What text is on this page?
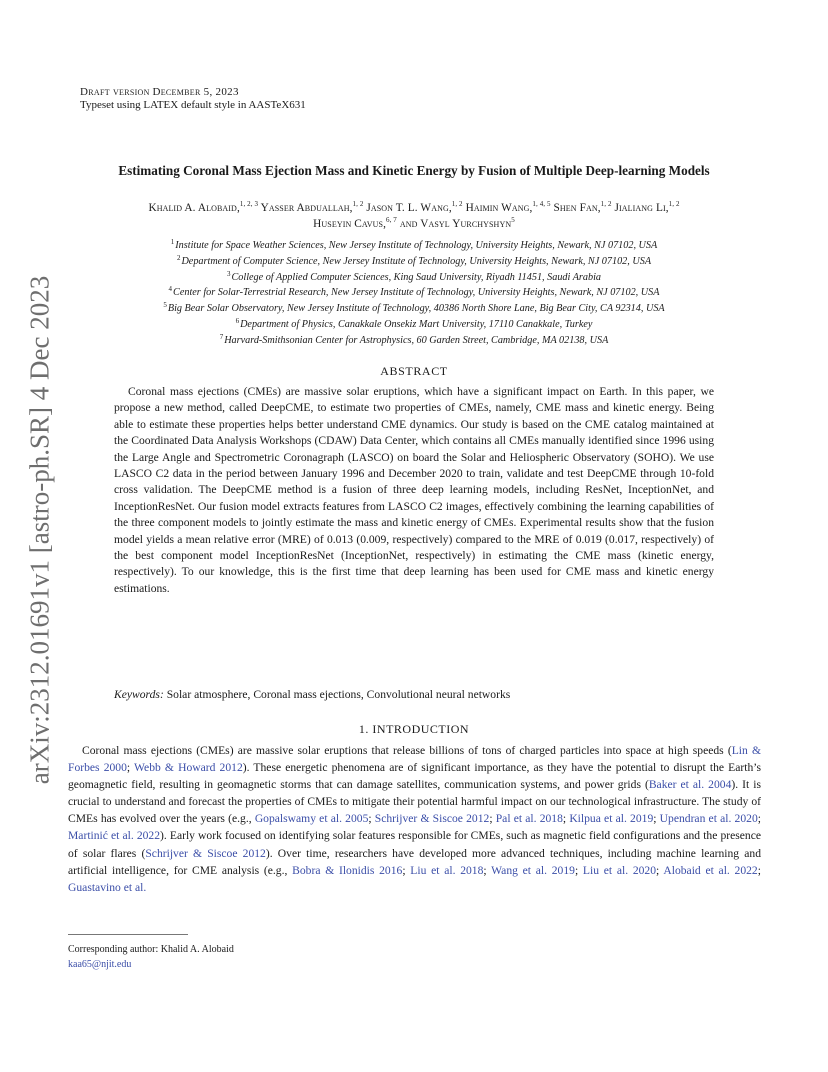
Draft version December 5, 2023
Typeset using LATEX default style in AASTeX631
arXiv:2312.01691v1 [astro-ph.SR] 4 Dec 2023
Estimating Coronal Mass Ejection Mass and Kinetic Energy by Fusion of Multiple Deep-learning Models
Khalid A. Alobaid,$^{1, 2, 3}$ Yasser Abduallah,$^{1, 2}$ Jason T. L. Wang,$^{1, 2}$ Haimin Wang,$^{1, 4, 5}$ Shen Fan,$^{1, 2}$ Jialiang Li,$^{1, 2}$
Huseyin Cavus,$^{6, 7}$ and Vasyl Yurchyshyn$^5$
$^1$Institute for Space Weather Sciences, New Jersey Institute of Technology, University Heights, Newark, NJ 07102, USA
$^2$Department of Computer Science, New Jersey Institute of Technology, University Heights, Newark, NJ 07102, USA
$^3$College of Applied Computer Sciences, King Saud University, Riyadh 11451, Saudi Arabia
$^4$Center for Solar-Terrestrial Research, New Jersey Institute of Technology, University Heights, Newark, NJ 07102, USA
$^5$Big Bear Solar Observatory, New Jersey Institute of Technology, 40386 North Shore Lane, Big Bear City, CA 92314, USA
$^6$Department of Physics, Canakkale Onsekiz Mart University, 17110 Canakkale, Turkey
$^7$Harvard-Smithsonian Center for Astrophysics, 60 Garden Street, Cambridge, MA 02138, USA
ABSTRACT

Coronal mass ejections (CMEs) are massive solar eruptions, which have a significant impact on Earth. In this paper, we propose a new method, called DeepCME, to estimate two properties of CMEs, namely, CME mass and kinetic energy. Being able to estimate these properties helps better understand CME dynamics. Our study is based on the CME catalog maintained at the Coordinated Data Analysis Workshops (CDAW) Data Center, which contains all CMEs manually identified since 1996 using the Large Angle and Spectrometric Coronagraph (LASCO) on board the Solar and Heliospheric Observatory (SOHO). We use LASCO C2 data in the period between January 1996 and December 2020 to train, validate and test DeepCME through 10-fold cross validation. The DeepCME method is a fusion of three deep learning models, including ResNet, InceptionNet, and InceptionResNet. Our fusion model extracts features from LASCO C2 images, effectively combining the learning capabilities of the three component models to jointly estimate the mass and kinetic energy of CMEs. Experimental results show that the fusion model yields a mean relative error (MRE) of 0.013 (0.009, respectively) compared to the MRE of 0.019 (0.017, respectively) of the best component model InceptionResNet (InceptionNet, respectively) in estimating the CME mass (kinetic energy, respectively). To our knowledge, this is the first time that deep learning has been used for CME mass and kinetic energy estimations.

Keywords: Solar atmosphere, Coronal mass ejections, Convolutional neural networks
1. INTRODUCTION

Coronal mass ejections (CMEs) are massive solar eruptions that release billions of tons of charged particles into space at high speeds (Lin & Forbes 2000; Webb & Howard 2012). These energetic phenomena are of significant importance, as they have the potential to disrupt the Earth’s geomagnetic field, resulting in geomagnetic storms that can damage satellites, communication systems, and power grids (Baker et al. 2004). It is crucial to understand and forecast the properties of CMEs to mitigate their potential harmful impact on our technological infrastructure. The study of CMEs has evolved over the years (e.g., Gopalswamy et al. 2005; Schrijver & Siscoe 2012; Pal et al. 2018; Kilpua et al. 2019; Upendran et al. 2020; Martinić et al. 2022). Early work focused on identifying solar features responsible for CMEs, such as magnetic field configurations and the presence of solar flares (Schrijver & Siscoe 2012). Over time, researchers have developed more advanced techniques, including machine learning and artificial intelligence, for CME analysis (e.g., Bobra & Ilonidis 2016; Liu et al. 2018; Wang et al. 2019; Liu et al. 2020; Alobaid et al. 2022; Guastavino et al.

Corresponding author: Khalid A. Alobaid
kaa65@njit.edu
